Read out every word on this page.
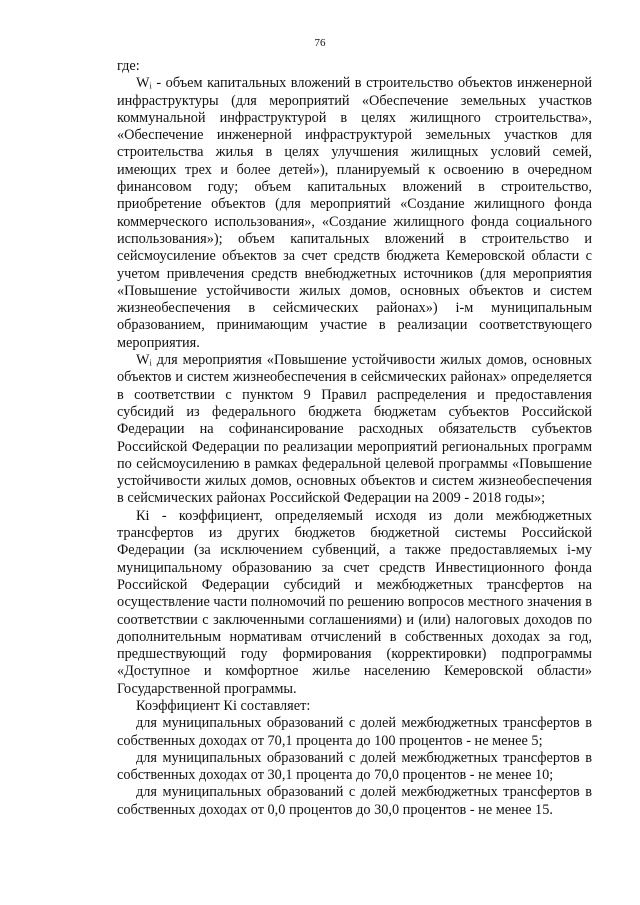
76

где:

Wᵢ - объем капитальных вложений в строительство объектов инженерной инфраструктуры (для мероприятий «Обеспечение земельных участков коммунальной инфраструктурой в целях жилищного строительства», «Обеспечение инженерной инфраструктурой земельных участков для строительства жилья в целях улучшения жилищных условий семей, имеющих трех и более детей»), планируемый к освоению в очередном финансовом году; объем капитальных вложений в строительство, приобретение объектов (для мероприятий «Создание жилищного фонда коммерческого использования», «Создание жилищного фонда социального использования»); объем капитальных вложений в строительство и сейсмоусиление объектов за счет средств бюджета Кемеровской области с учетом привлечения средств внебюджетных источников (для мероприятия «Повышение устойчивости жилых домов, основных объектов и систем жизнеобеспечения в сейсмических районах») i-м муниципальным образованием, принимающим участие в реализации соответствующего мероприятия.

Wᵢ для мероприятия «Повышение устойчивости жилых домов, основных объектов и систем жизнеобеспечения в сейсмических районах» определяется в соответствии с пунктом 9 Правил распределения и предоставления субсидий из федерального бюджета бюджетам субъектов Российской Федерации на софинансирование расходных обязательств субъектов Российской Федерации по реализации мероприятий региональных программ по сейсмоусилению в рамках федеральной целевой программы «Повышение устойчивости жилых домов, основных объектов и систем жизнеобеспечения в сейсмических районах Российской Федерации на 2009 - 2018 годы»;

Кi - коэффициент, определяемый исходя из доли межбюджетных трансфертов из других бюджетов бюджетной системы Российской Федерации (за исключением субвенций, а также предоставляемых i-му муниципальному образованию за счет средств Инвестиционного фонда Российской Федерации субсидий и межбюджетных трансфертов на осуществление части полномочий по решению вопросов местного значения в соответствии с заключенными соглашениями) и (или) налоговых доходов по дополнительным нормативам отчислений в собственных доходах за год, предшествующий году формирования (корректировки) подпрограммы «Доступное и комфортное жилье населению Кемеровской области» Государственной программы.

Коэффициент Кi составляет:

для муниципальных образований с долей межбюджетных трансфертов в собственных доходах от 70,1 процента до 100 процентов - не менее 5;

для муниципальных образований с долей межбюджетных трансфертов в собственных доходах от 30,1 процента до 70,0 процентов - не менее 10;

для муниципальных образований с долей межбюджетных трансфертов в собственных доходах от 0,0 процентов до 30,0 процентов - не менее 15.
